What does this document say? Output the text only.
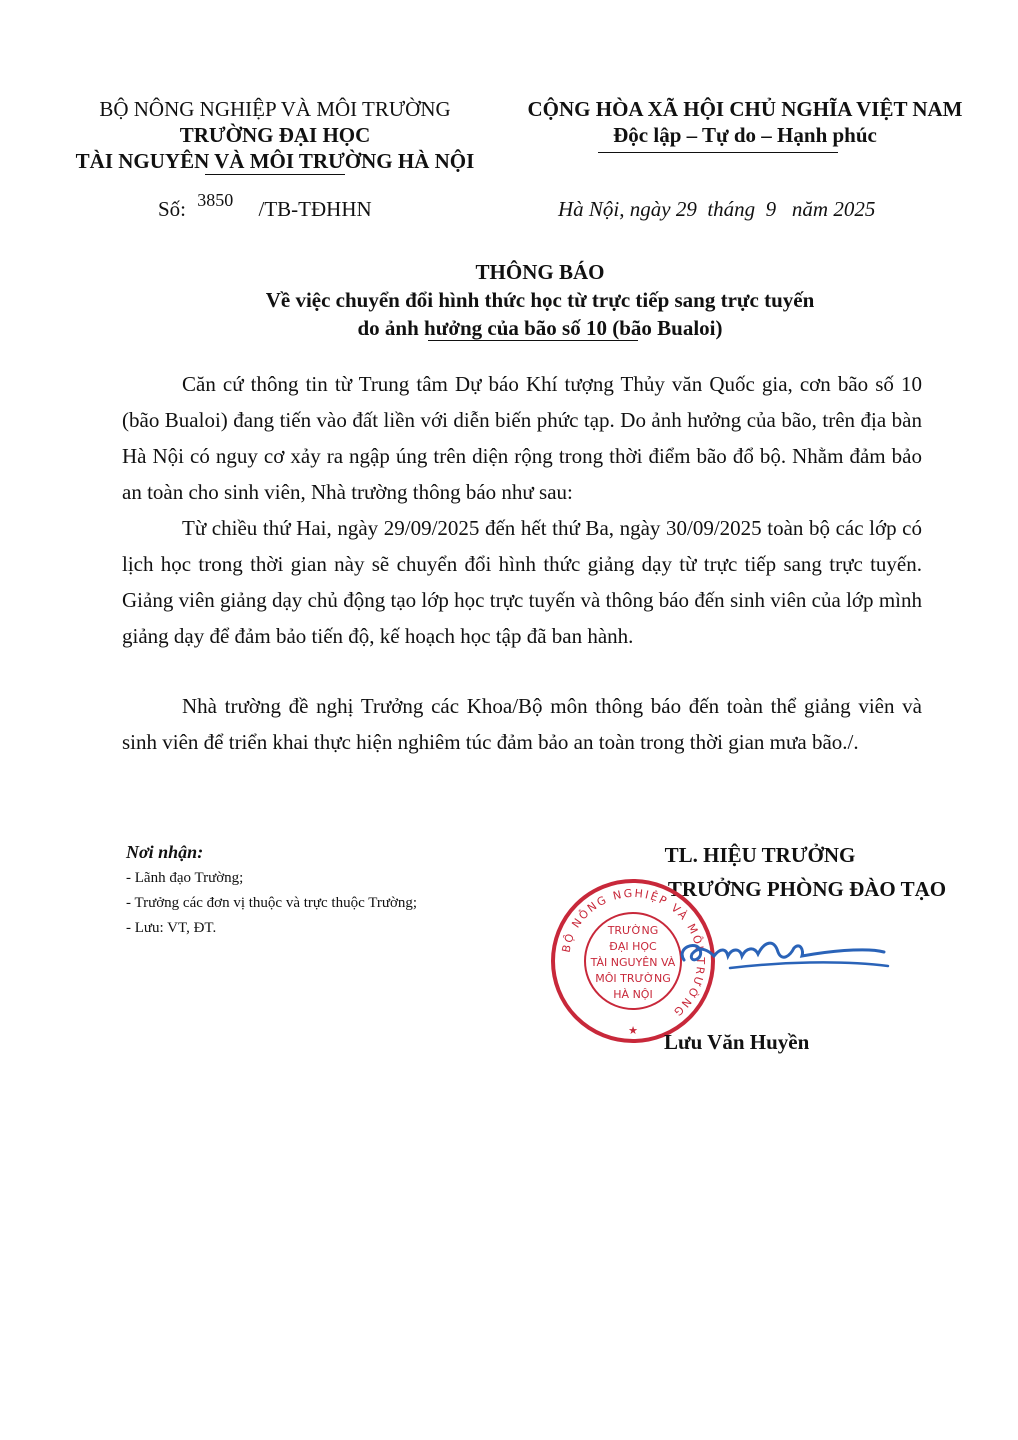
BỘ NÔNG NGHIỆP VÀ MÔI TRƯỜNG
TRƯỜNG ĐẠI HỌC
TÀI NGUYÊN VÀ MÔI TRƯỜNG HÀ NỘI
CỘNG HÒA XÃ HỘI CHỦ NGHĨA VIỆT NAM
Độc lập – Tự do – Hạnh phúc
Số: 3850 /TB-TĐHHN	Hà Nội, ngày 29  tháng  9   năm 2025
THÔNG BÁO
Về việc chuyển đổi hình thức học từ trực tiếp sang trực tuyến
do ảnh hưởng của bão số 10 (bão Bualoi)

Căn cứ thông tin từ Trung tâm Dự báo Khí tượng Thủy văn Quốc gia, cơn bão số 10 (bão Bualoi) đang tiến vào đất liền với diễn biến phức tạp. Do ảnh hưởng của bão, trên địa bàn Hà Nội có nguy cơ xảy ra ngập úng trên diện rộng trong thời điểm bão đổ bộ. Nhằm đảm bảo an toàn cho sinh viên, Nhà trường thông báo như sau:

Từ chiều thứ Hai, ngày 29/09/2025 đến hết thứ Ba, ngày 30/09/2025 toàn bộ các lớp có lịch học trong thời gian này sẽ chuyển đổi hình thức giảng dạy từ trực tiếp sang trực tuyến. Giảng viên giảng dạy chủ động tạo lớp học trực tuyến và thông báo đến sinh viên của lớp mình giảng dạy để đảm bảo tiến độ, kế hoạch học tập đã ban hành.

Nhà trường đề nghị Trưởng các Khoa/Bộ môn thông báo đến toàn thể giảng viên và sinh viên để triển khai thực hiện nghiêm túc đảm bảo an toàn trong thời gian mưa bão./.

Nơi nhận:
- Lãnh đạo Trường;
- Trưởng các đơn vị thuộc và trực thuộc Trường;
- Lưu: VT, ĐT.
TL. HIỆU TRƯỞNG
TRƯỞNG PHÒNG ĐÀO TẠO
BỘ NÔNG NGHIỆP VÀ MÔI TRƯỜNG
★
TRƯỜNG
ĐẠI HỌC
TÀI NGUYÊN VÀ
MÔI TRƯỜNG
HÀ NỘI
Lưu Văn Huyền
